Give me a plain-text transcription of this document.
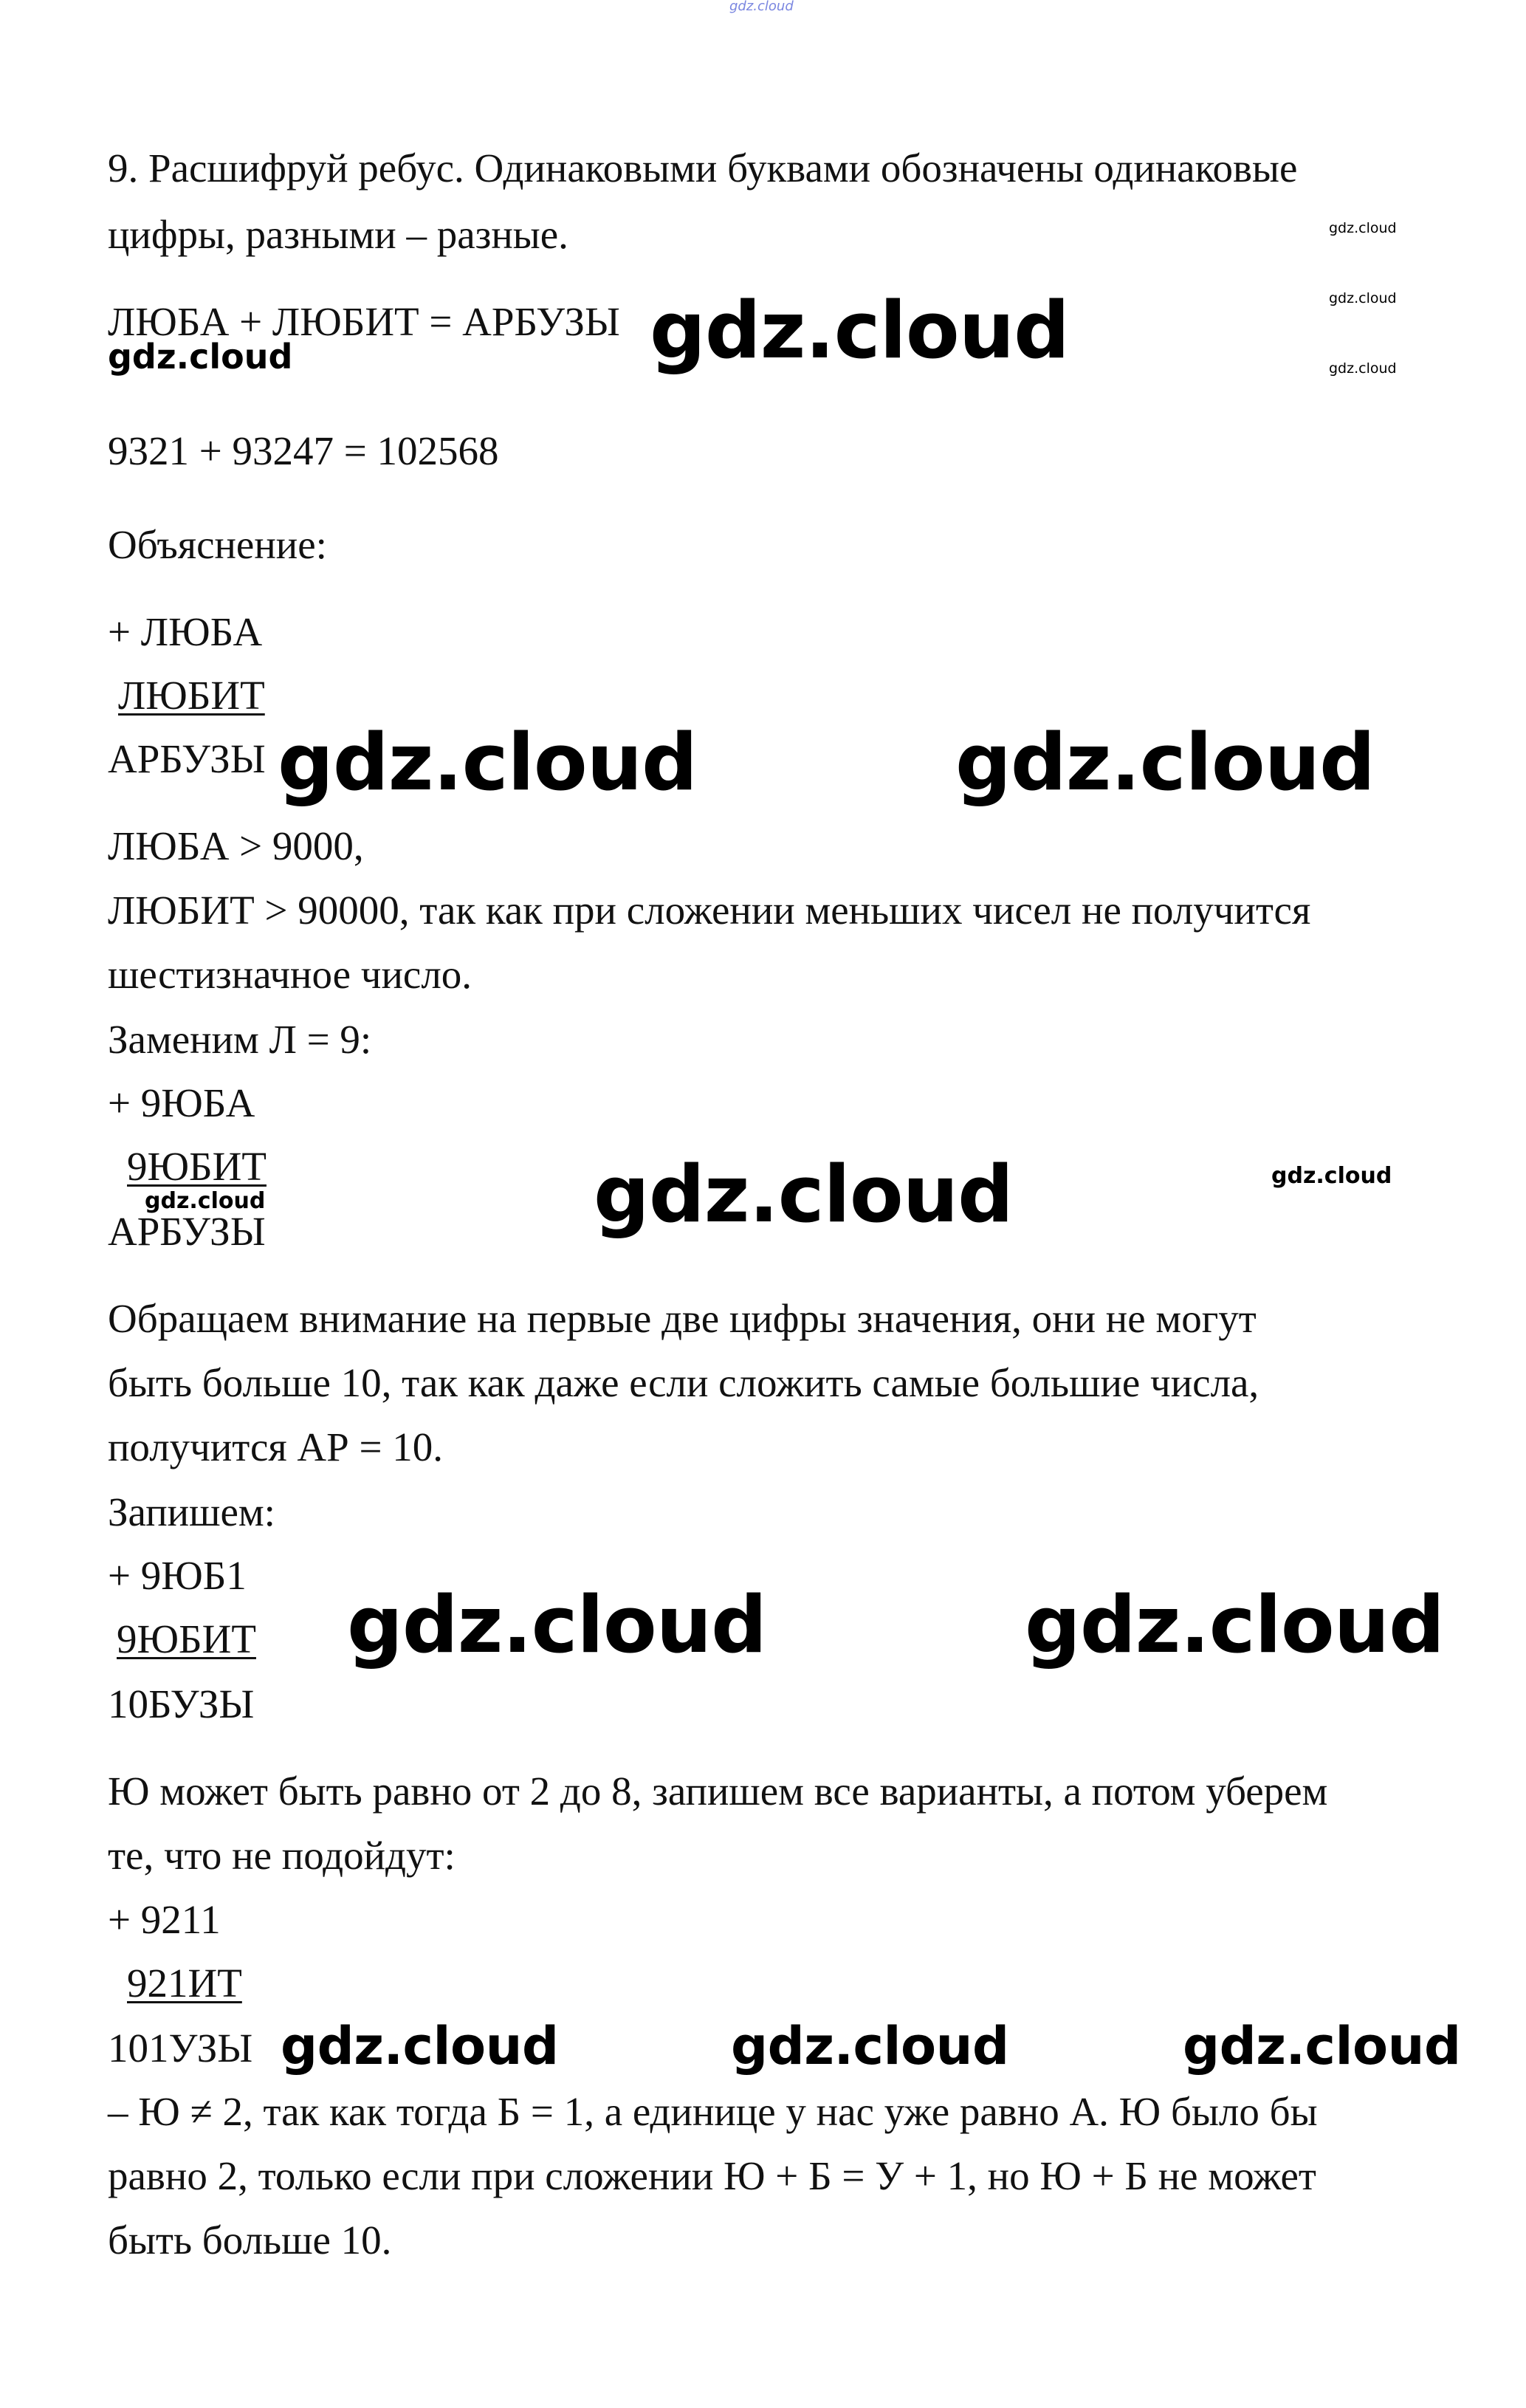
gdz.cloud

9. Расшифруй ребус. Одинаковыми буквами обозначены одинаковые

цифры, разными – разные.	gdz.cloud
gdz.cloud
gdz.cloud

ЛЮБА + ЛЮБИТ = АРБУЗЫ gdz.cloud
gdz.cloud

9321 + 93247 = 102568

Объяснение:

+ ЛЮБА

ЛЮБИТ

АРБУЗЫ gdz.cloud	gdz.cloud

ЛЮБА > 9000,

ЛЮБИТ > 90000, так как при сложении меньших чисел не получится

шестизначное число.

Заменим Л = 9:

+ 9ЮБА

9ЮБИТ

gdz.cloud

АРБУЗЫ	gdz.cloud	gdz.cloud

Обращаем внимание на первые две цифры значения, они не могут

быть больше 10, так как даже если сложить самые большие числа,

получится АР = 10.

Запишем:

+ 9ЮБ1

9ЮБИТ

10БУЗЫ

gdz.cloud	gdz.cloud

Ю может быть равно от 2 до 8, запишем все варианты, а потом уберем

те, что не подойдут:

+ 9211

921ИТ

101УЗЫ gdz.cloud	gdz.cloud	gdz.cloud

– Ю ≠ 2, так как тогда Б = 1, а единице у нас уже равно А. Ю было бы

равно 2, только если при сложении Ю + Б = У + 1, но Ю + Б не может

быть больше 10.
